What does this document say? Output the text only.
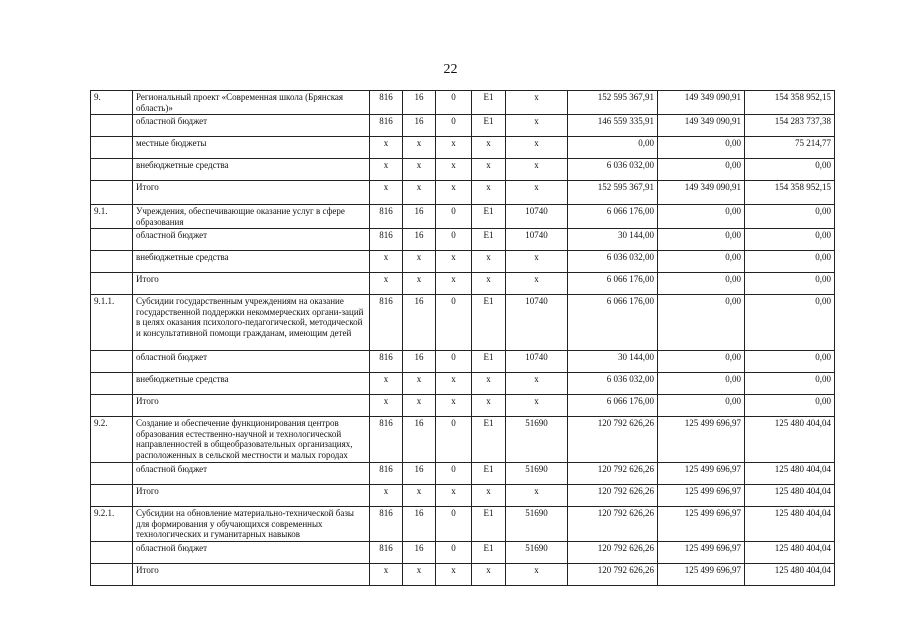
22
9.	Региональный проект «Современная школа (Брянская область)»	816	16	0	E1	x	152 595 367,91	149 349 090,91	154 358 952,15
	областной бюджет	816	16	0	E1	x	146 559 335,91	149 349 090,91	154 283 737,38
	местные бюджеты	x	x	x	x	x	0,00	0,00	75 214,77
	внебюджетные средства	x	x	x	x	x	6 036 032,00	0,00	0,00
	Итого	x	x	x	x	x	152 595 367,91	149 349 090,91	154 358 952,15
9.1.	Учреждения, обеспечивающие оказание услуг в сфере образования	816	16	0	E1	10740	6 066 176,00	0,00	0,00
	областной бюджет	816	16	0	E1	10740	30 144,00	0,00	0,00
	внебюджетные средства	x	x	x	x	x	6 036 032,00	0,00	0,00
	Итого	x	x	x	x	x	6 066 176,00	0,00	0,00
9.1.1.	Субсидии государственным учреждениям на оказание государственной поддержки некоммерческих органи-заций в целях оказания психолого-педагогической, методической и консультативной помощи гражданам, имеющим детей	816	16	0	E1	10740	6 066 176,00	0,00	0,00
	областной бюджет	816	16	0	E1	10740	30 144,00	0,00	0,00
	внебюджетные средства	x	x	x	x	x	6 036 032,00	0,00	0,00
	Итого	x	x	x	x	x	6 066 176,00	0,00	0,00
9.2.	Создание и обеспечение функционирования центров образования естественно-научной и технологической направленностей в общеобразовательных организациях, расположенных в сельской местности и малых городах	816	16	0	E1	51690	120 792 626,26	125 499 696,97	125 480 404,04
	областной бюджет	816	16	0	E1	51690	120 792 626,26	125 499 696,97	125 480 404,04
	Итого	x	x	x	x	x	120 792 626,26	125 499 696,97	125 480 404,04
9.2.1.	Субсидии на обновление материально-технической базы для формирования у обучающихся современных технологических и гуманитарных навыков	816	16	0	E1	51690	120 792 626,26	125 499 696,97	125 480 404,04
	областной бюджет	816	16	0	E1	51690	120 792 626,26	125 499 696,97	125 480 404,04
	Итого	x	x	x	x	x	120 792 626,26	125 499 696,97	125 480 404,04
